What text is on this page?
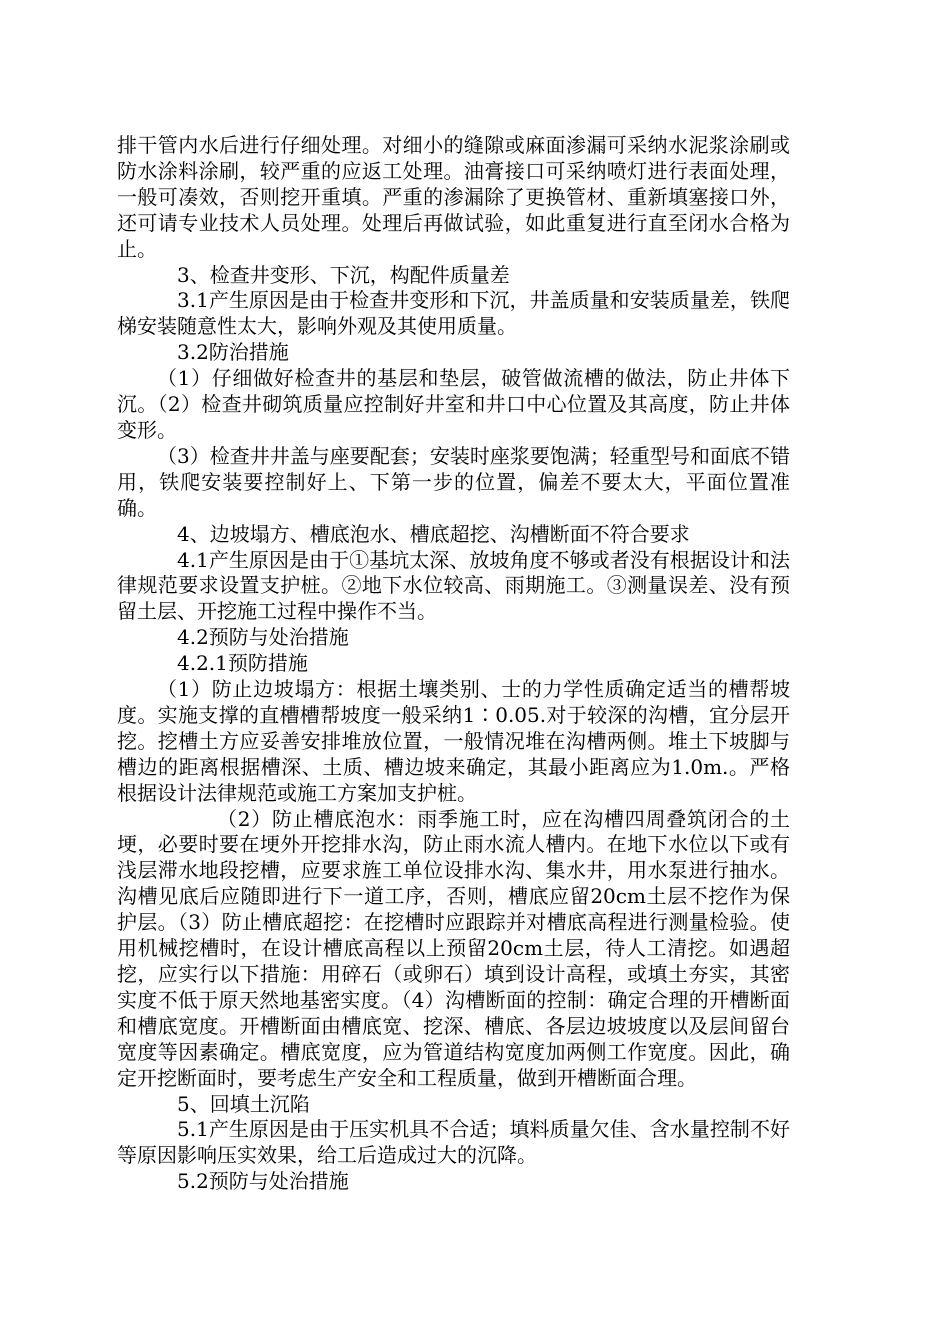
排干管内水后进行仔细处理。对细小的缝隙或麻面渗漏可采纳水泥浆涂刷或防水涂料涂刷，较严重的应返工处理。油膏接口可采纳喷灯进行表面处理，一般可凑效，否则挖开重填。严重的渗漏除了更换管材、重新填塞接口外，还可请专业技术人员处理。处理后再做试验，如此重复进行直至闭水合格为止。

3、检查井变形、下沉，构配件质量差

3.1产生原因是由于检查井变形和下沉，井盖质量和安装质量差，铁爬梯安装随意性太大，影响外观及其使用质量。

3.2防治措施

（1）仔细做好检查井的基层和垫层，破管做流槽的做法，防止井体下沉。（2）检查井砌筑质量应控制好井室和井口中心位置及其高度，防止井体变形。

（3）检查井井盖与座要配套；安装时座浆要饱满；轻重型号和面底不错用，铁爬安装要控制好上、下第一步的位置，偏差不要太大，平面位置准确。

4、边坡塌方、槽底泡水、槽底超挖、沟槽断面不符合要求

4.1产生原因是由于①基坑太深、放坡角度不够或者没有根据设计和法律规范要求设置支护桩。②地下水位较高、雨期施工。③测量误差、没有预留土层、开挖施工过程中操作不当。

4.2预防与处治措施

4.2.1预防措施

（1）防止边坡塌方：根据土壤类别、士的力学性质确定适当的槽帮坡度。实施支撑的直槽槽帮坡度一般采纳1∶0.05.对于较深的沟槽，宜分层开挖。挖槽土方应妥善安排堆放位置，一般情况堆在沟槽两侧。堆土下坡脚与槽边的距离根据槽深、土质、槽边坡来确定，其最小距离应为1.0m.。严格根据设计法律规范或施工方案加支护桩。

（2）防止槽底泡水：雨季施工时，应在沟槽四周叠筑闭合的土埂，必要时要在埂外开挖排水沟，防止雨水流人槽内。在地下水位以下或有浅层滞水地段挖槽，应要求旌工单位设排水沟、集水井，用水泵进行抽水。沟槽见底后应随即进行下一道工序，否则，槽底应留20cm土层不挖作为保护层。（3）防止槽底超挖：在挖槽时应跟踪并对槽底高程进行测量检验。使用机械挖槽时，在设计槽底高程以上预留20cm土层，待人工清挖。如遇超挖，应实行以下措施：用碎石（或卵石）填到设计高程，或填土夯实，其密实度不低于原天然地基密实度。（4）沟槽断面的控制：确定合理的开槽断面和槽底宽度。开槽断面由槽底宽、挖深、槽底、各层边坡坡度以及层间留台宽度等因素确定。槽底宽度，应为管道结构宽度加两侧工作宽度。因此，确定开挖断面时，要考虑生产安全和工程质量，做到开槽断面合理。

5、回填土沉陷

5.1产生原因是由于压实机具不合适；填料质量欠佳、含水量控制不好等原因影响压实效果，给工后造成过大的沉降。

5.2预防与处治措施
